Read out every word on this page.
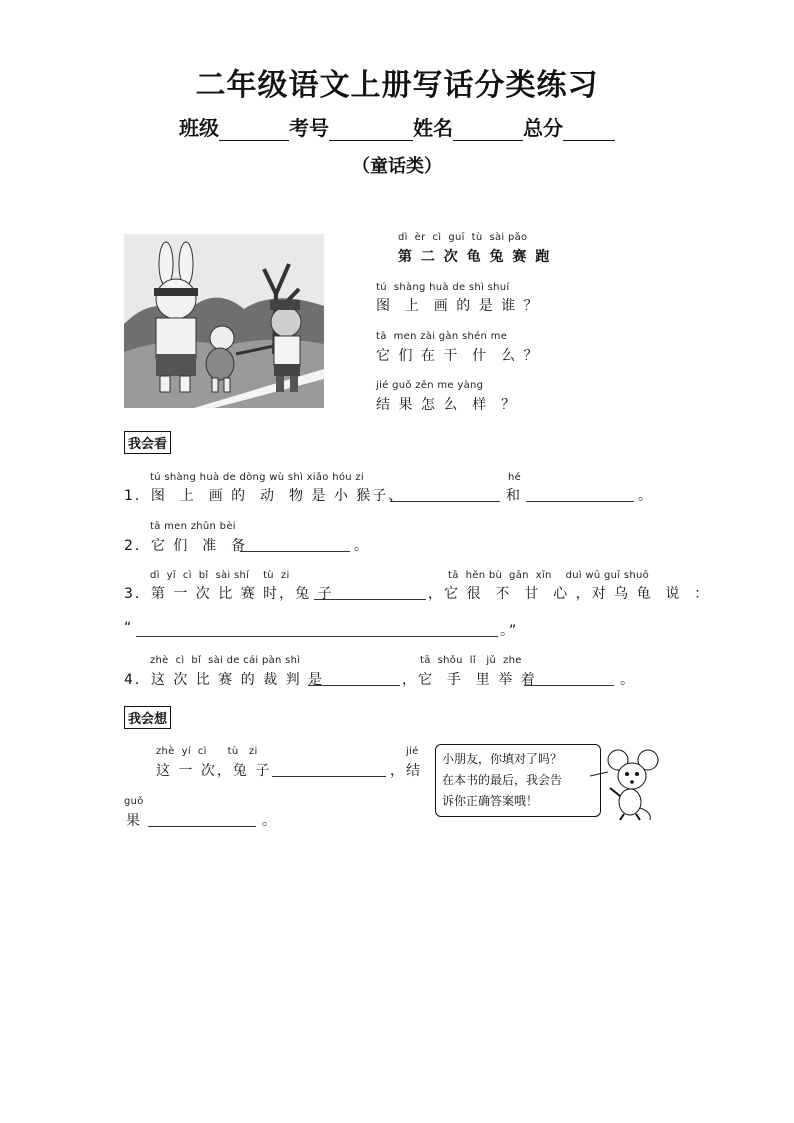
二年级语文上册写话分类练习
班级	考号	姓名	总分
（童话类）
dì  èr  cì  guī  tù  sài pǎo
第 二 次 龟 兔 赛 跑
tú  shàng huà de shì shuí
图  上  画 的 是 谁 ？
tā  men zài gàn shén me
它 们 在 干  什  么 ？
jié guǒ zěn me yàng
结 果 怎 么  样  ？
我会看
tú shàng huà de dòng wù shì xiǎo hóu zi	hé
1．图  上  画 的  动  物 是 小 猴子、	和	。
tā men zhǔn bèi
2．它 们  准  备	。
dì  yī  cì  bǐ  sài shí    tù  zi	tā  hěn bù  gān  xīn    duì wū guī shuō
3．第 一 次 比 赛 时，兔 子	，它 很  不  甘  心 ，对 乌 龟  说  ：
“	。”
zhè  cì  bǐ  sài de cái pàn shì	tā  shǒu  lǐ   jǔ  zhe
4．这 次 比 赛 的 裁 判 是	，它  手  里 举 着	。
我会想
zhè  yí  cì      tù   zi	jié
这 一 次，兔 子	，结
guǒ
果	。
小朋友，你填对了吗？
在本书的最后，我会告
诉你正确答案哦！
